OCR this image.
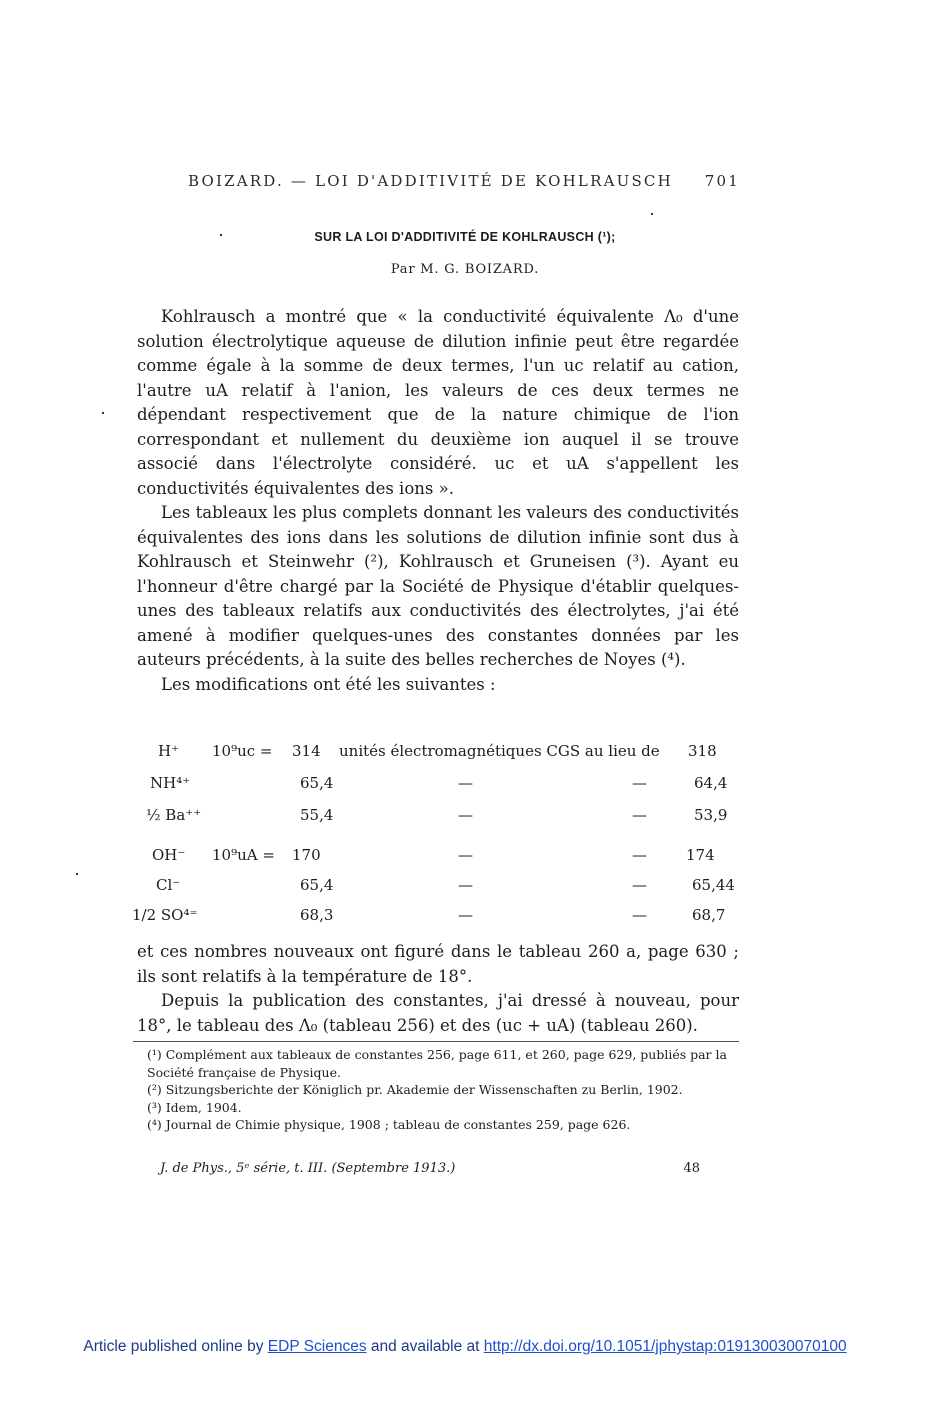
BOIZARD. — LOI D'ADDITIVITÉ DE KOHLRAUSCH 701
SUR LA LOI D'ADDITIVITÉ DE KOHLRAUSCH (¹);
Par M. G. BOIZARD.

Kohlrausch a montré que « la conductivité équivalente Λ₀ d'une solution électrolytique aqueuse de dilution infinie peut être regardée comme égale à la somme de deux termes, l'un uc relatif au cation, l'autre uA relatif à l'anion, les valeurs de ces deux termes ne dépendant respectivement que de la nature chimique de l'ion correspondant et nullement du deuxième ion auquel il se trouve associé dans l'électrolyte considéré. uc et uA s'appellent les conductivités équivalentes des ions ».

Les tableaux les plus complets donnant les valeurs des conductivités équivalentes des ions dans les solutions de dilution infinie sont dus à Kohlrausch et Steinwehr (²), Kohlrausch et Gruneisen (³). Ayant eu l'honneur d'être chargé par la Société de Physique d'établir quelques-unes des tableaux relatifs aux conductivités des électrolytes, j'ai été amené à modifier quelques-unes des constantes données par les auteurs précédents, à la suite des belles recherches de Noyes (⁴).

Les modifications ont été les suivantes :

H⁺ 10⁹uc = 314 unités électromagnétiques CGS au lieu de 318
NH⁴⁺	65,4	—	—	64,4
½ Ba⁺⁺	55,4	—	—	53,9
OH⁻ 10⁹uA = 170	—	—	174
Cl⁻	65,4	—	—	65,44
1/2 SO⁴⁼	68,3	—	—	68,7

et ces nombres nouveaux ont figuré dans le tableau 260 a, page 630 ; ils sont relatifs à la température de 18°.

Depuis la publication des constantes, j'ai dressé à nouveau, pour 18°, le tableau des Λ₀ (tableau 256) et des (uc + uA) (tableau 260).

(¹) Complément aux tableaux de constantes 256, page 611, et 260, page 629, publiés par la Société française de Physique.

(²) Sitzungsberichte der Königlich pr. Akademie der Wissenschaften zu Berlin, 1902.

(³) Idem, 1904.

(⁴) Journal de Chimie physique, 1908 ; tableau de constantes 259, page 626.

J. de Phys., 5ᵉ série, t. III. (Septembre 1913.)	48
Article published online by EDP Sciences and available at http://dx.doi.org/10.1051/jphystap:019130030070100
